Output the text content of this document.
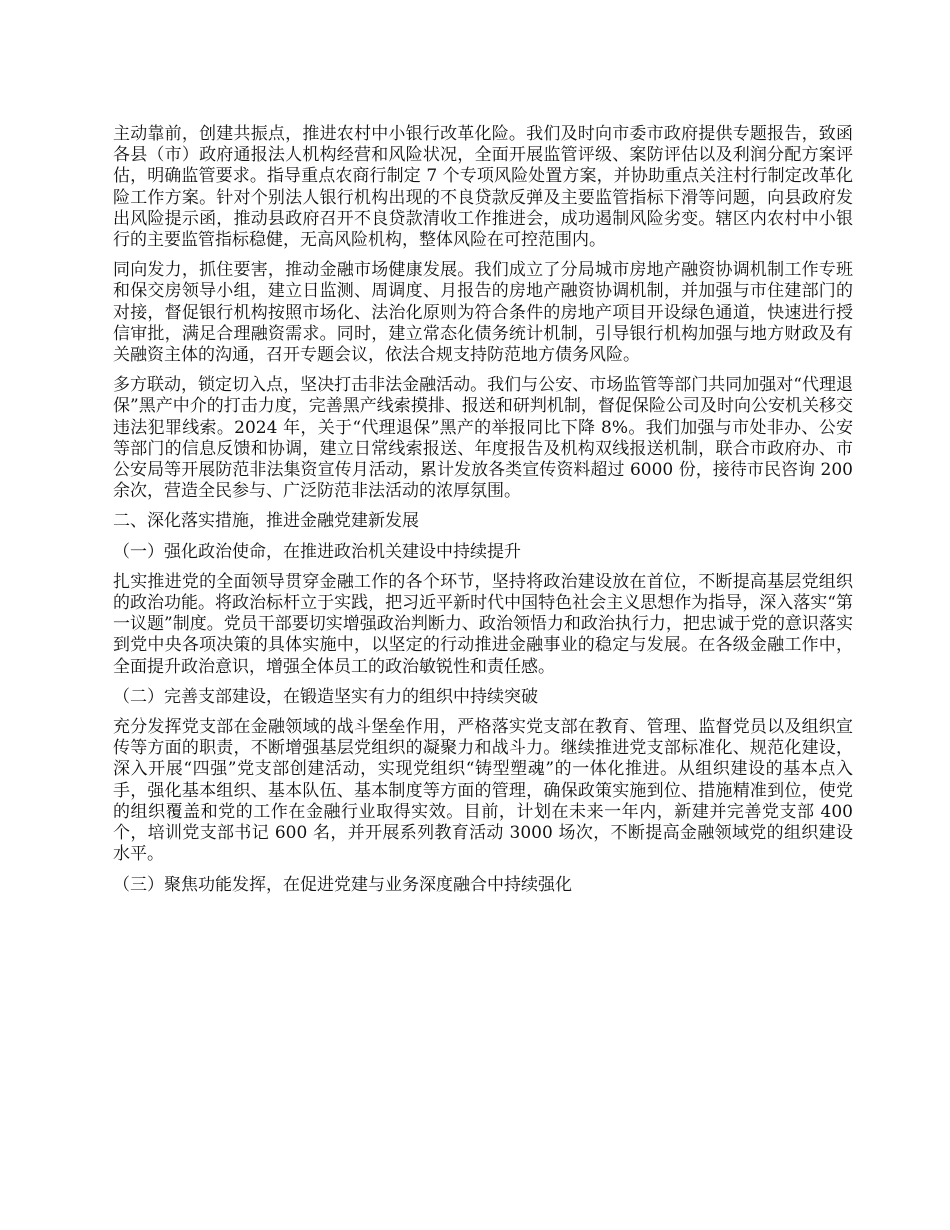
主动靠前，创建共振点，推进农村中小银行改革化险。我们及时向市委市政府提供专题报告，致函各县（市）政府通报法人机构经营和风险状况，全面开展监管评级、案防评估以及利润分配方案评估，明确监管要求。指导重点农商行制定 7 个专项风险处置方案，并协助重点关注村行制定改革化险工作方案。针对个别法人银行机构出现的不良贷款反弹及主要监管指标下滑等问题，向县政府发出风险提示函，推动县政府召开不良贷款清收工作推进会，成功遏制风险劣变。辖区内农村中小银行的主要监管指标稳健，无高风险机构，整体风险在可控范围内。

同向发力，抓住要害，推动金融市场健康发展。我们成立了分局城市房地产融资协调机制工作专班和保交房领导小组，建立日监测、周调度、月报告的房地产融资协调机制，并加强与市住建部门的对接，督促银行机构按照市场化、法治化原则为符合条件的房地产项目开设绿色通道，快速进行授信审批，满足合理融资需求。同时，建立常态化债务统计机制，引导银行机构加强与地方财政及有关融资主体的沟通，召开专题会议，依法合规支持防范地方债务风险。

多方联动，锁定切入点，坚决打击非法金融活动。我们与公安、市场监管等部门共同加强对“代理退保”黑产中介的打击力度，完善黑产线索摸排、报送和研判机制，督促保险公司及时向公安机关移交违法犯罪线索。2024 年，关于“代理退保”黑产的举报同比下降 8%。我们加强与市处非办、公安等部门的信息反馈和协调，建立日常线索报送、年度报告及机构双线报送机制，联合市政府办、市公安局等开展防范非法集资宣传月活动，累计发放各类宣传资料超过 6000 份，接待市民咨询 200 余次，营造全民参与、广泛防范非法活动的浓厚氛围。

二、深化落实措施，推进金融党建新发展

（一）强化政治使命，在推进政治机关建设中持续提升

扎实推进党的全面领导贯穿金融工作的各个环节，坚持将政治建设放在首位，不断提高基层党组织的政治功能。将政治标杆立于实践，把习近平新时代中国特色社会主义思想作为指导，深入落实“第一议题”制度。党员干部要切实增强政治判断力、政治领悟力和政治执行力，把忠诚于党的意识落实到党中央各项决策的具体实施中，以坚定的行动推进金融事业的稳定与发展。在各级金融工作中，全面提升政治意识，增强全体员工的政治敏锐性和责任感。

（二）完善支部建设，在锻造坚实有力的组织中持续突破

充分发挥党支部在金融领域的战斗堡垒作用，严格落实党支部在教育、管理、监督党员以及组织宣传等方面的职责，不断增强基层党组织的凝聚力和战斗力。继续推进党支部标准化、规范化建设，深入开展“四强”党支部创建活动，实现党组织“铸型塑魂”的一体化推进。从组织建设的基本点入手，强化基本组织、基本队伍、基本制度等方面的管理，确保政策实施到位、措施精准到位，使党的组织覆盖和党的工作在金融行业取得实效。目前，计划在未来一年内，新建并完善党支部 400 个，培训党支部书记 600 名，并开展系列教育活动 3000 场次，不断提高金融领域党的组织建设水平。

（三）聚焦功能发挥，在促进党建与业务深度融合中持续强化
